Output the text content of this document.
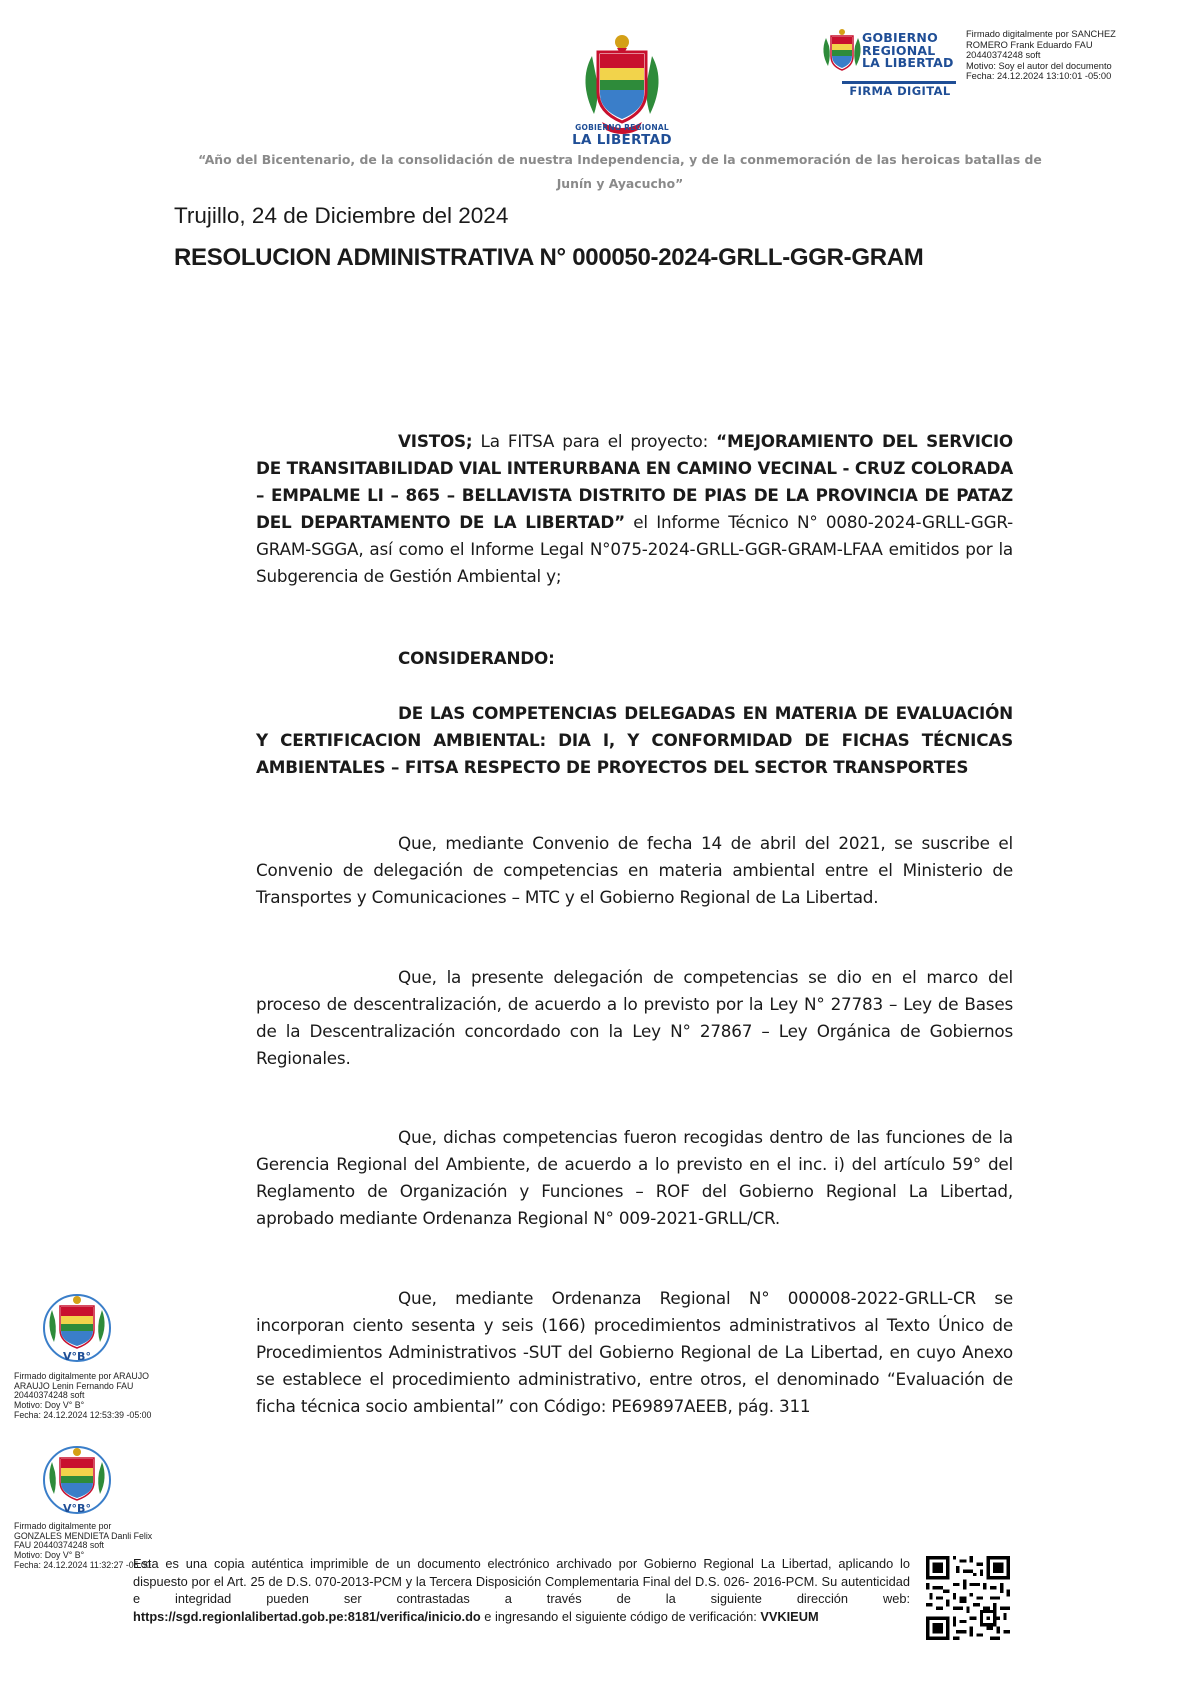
GOBIERNO REGIONAL
LA LIBERTAD
GOBIERNO
REGIONAL
LA LIBERTAD
FIRMA DIGITAL
Firmado digitalmente por SANCHEZ
ROMERO Frank Eduardo FAU
20440374248 soft
Motivo: Soy el autor del documento
Fecha: 24.12.2024 13:10:01 -05:00
“Año del Bicentenario, de la consolidación de nuestra Independencia, y de la conmemoración de las heroicas batallas de Junín y Ayacucho”
Trujillo, 24 de Diciembre del 2024
RESOLUCION ADMINISTRATIVA N° 000050-2024-GRLL-GGR-GRAM
VISTOS; La FITSA para el proyecto: “MEJORAMIENTO DEL SERVICIO DE TRANSITABILIDAD VIAL INTERURBANA EN CAMINO VECINAL - CRUZ COLORADA – EMPALME LI – 865 – BELLAVISTA DISTRITO DE PIAS DE LA PROVINCIA DE PATAZ DEL DEPARTAMENTO DE LA LIBERTAD” el Informe Técnico N° 0080-2024-GRLL-GGR-GRAM-SGGA, así como el Informe Legal N°075-2024-GRLL-GGR-GRAM-LFAA emitidos por la Subgerencia de Gestión Ambiental y;
CONSIDERANDO:
DE LAS COMPETENCIAS DELEGADAS EN MATERIA DE EVALUACIÓN Y CERTIFICACION AMBIENTAL: DIA I, Y CONFORMIDAD DE FICHAS TÉCNICAS AMBIENTALES – FITSA RESPECTO DE PROYECTOS DEL SECTOR TRANSPORTES
Que, mediante Convenio de fecha 14 de abril del 2021, se suscribe el Convenio de delegación de competencias en materia ambiental entre el Ministerio de Transportes y Comunicaciones – MTC y el Gobierno Regional de La Libertad.
Que, la presente delegación de competencias se dio en el marco del proceso de descentralización, de acuerdo a lo previsto por la Ley N° 27783 – Ley de Bases de la Descentralización concordado con la Ley N° 27867 – Ley Orgánica de Gobiernos Regionales.
Que, dichas competencias fueron recogidas dentro de las funciones de la Gerencia Regional del Ambiente, de acuerdo a lo previsto en el inc. i) del artículo 59° del Reglamento de Organización y Funciones – ROF del Gobierno Regional La Libertad, aprobado mediante Ordenanza Regional N° 009-2021-GRLL/CR.
Que, mediante Ordenanza Regional N° 000008-2022-GRLL-CR se incorporan ciento sesenta y seis (166) procedimientos administrativos al Texto Único de Procedimientos Administrativos -SUT del Gobierno Regional de La Libertad, en cuyo Anexo se establece el procedimiento administrativo, entre otros, el denominado “Evaluación de ficha técnica socio ambiental” con Código: PE69897AEEB, pág. 311
V°B°
Firmado digitalmente por ARAUJO
ARAUJO Lenin Fernando FAU
20440374248 soft
Motivo: Doy V° B°
Fecha: 24.12.2024 12:53:39 -05:00
V°B°
Firmado digitalmente por
GONZALES MENDIETA Danli Felix
FAU 20440374248 soft
Motivo: Doy V° B°
Fecha: 24.12.2024 11:32:27 -05:00
Esta es una copia auténtica imprimible de un documento electrónico archivado por Gobierno Regional La Libertad, aplicando lo dispuesto por el Art. 25 de D.S. 070-2013-PCM y la Tercera Disposición Complementaria Final del D.S. 026- 2016-PCM. Su autenticidad e integridad pueden ser contrastadas a través de la siguiente dirección web: https://sgd.regionlalibertad.gob.pe:8181/verifica/inicio.do e ingresando el siguiente código de verificación: VVKIEUM
